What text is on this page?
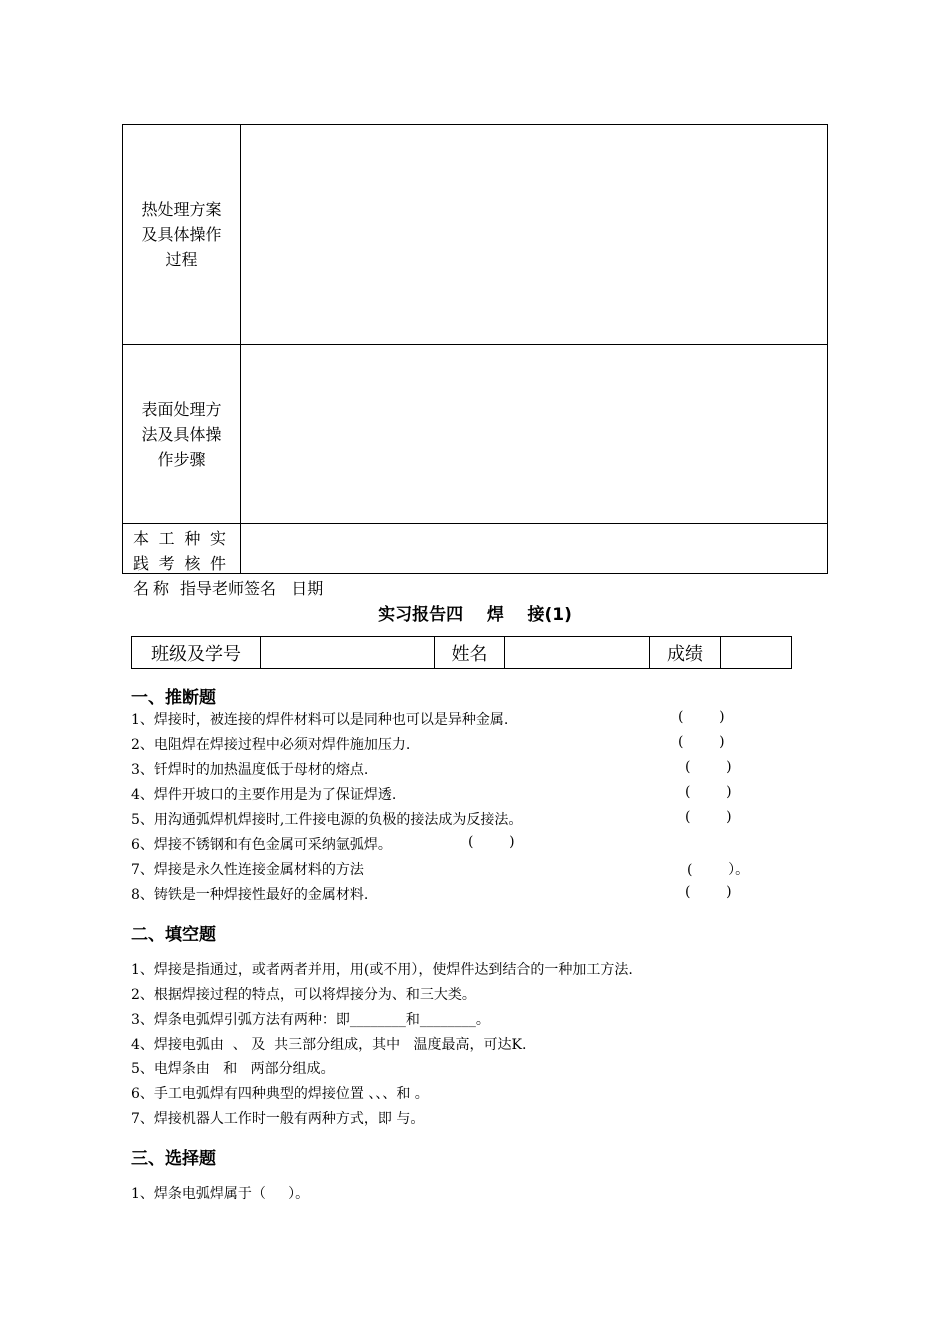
热处理方案及具体操作过程
表面处理方法及具体操作步骤
本工种实践考核件名称 指导老师签名   日期
实习报告四    焊    接(1)
班级及学号	姓名	成绩
一、推断题
1、焊接时，被连接的焊件材料可以是同种也可以是异种金属.	(        )
2、电阻焊在焊接过程中必须对焊件施加压力.	(        )
3、钎焊时的加热温度低于母材的熔点.	(        )
4、焊件开坡口的主要作用是为了保证焊透.	(        )
5、用沟通弧焊机焊接时,工件接电源的负极的接法成为反接法。	(        )
6、焊接不锈钢和有色金属可采纳氩弧焊。	(        )
7、焊接是永久性连接金属材料的方法	(        ）。
8、铸铁是一种焊接性最好的金属材料.	(        )
二、填空题
1、焊接是指通过，或者两者并用，用(或不用），使焊件达到结合的一种加工方法.
2、根据焊接过程的特点，可以将焊接分为、和三大类。
3、焊条电弧焊引弧方法有两种：即________和________。
4、焊接电弧由  、 及  共三部分组成，其中   温度最高，可达K.
5、电焊条由   和   两部分组成。
6、手工电弧焊有四种典型的焊接位置 、、、和 。
7、焊接机器人工作时一般有两种方式，即 与。
三、选择题
1、焊条电弧焊属于（     ）。
